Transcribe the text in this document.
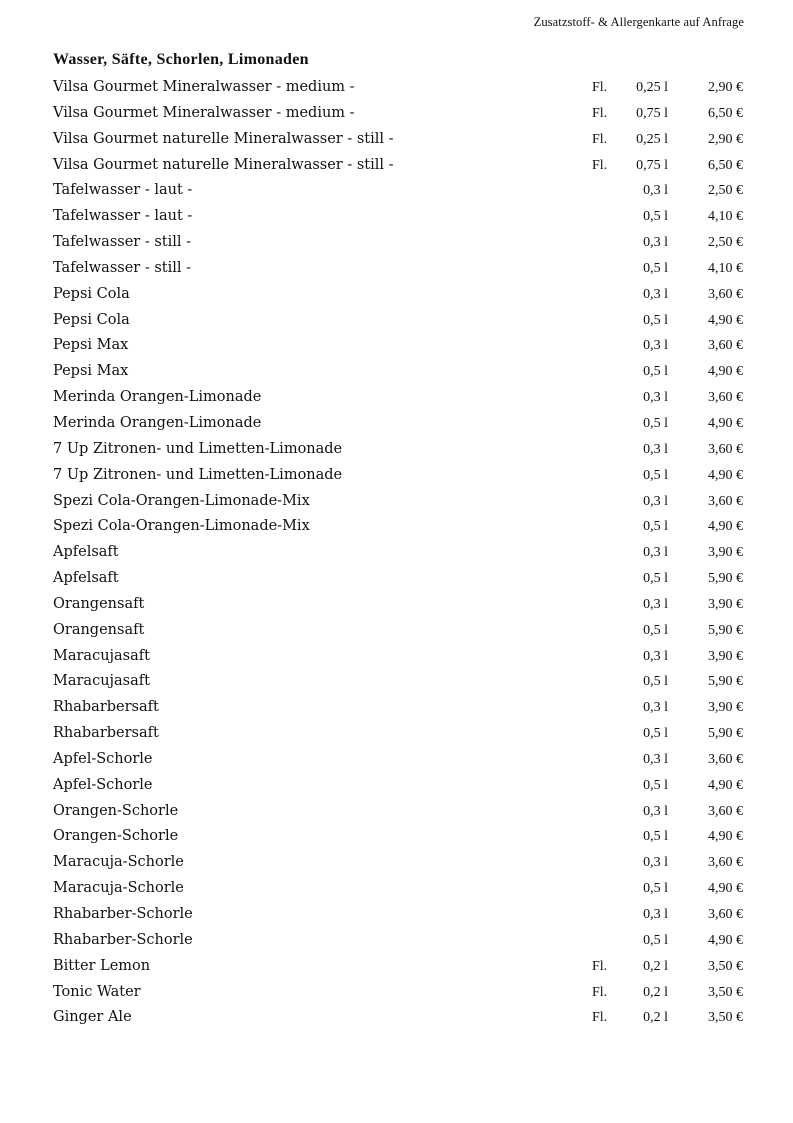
Zusatzstoff- & Allergenkarte auf Anfrage
Wasser, Säfte, Schorlen, Limonaden
Vilsa Gourmet Mineralwasser - medium -	Fl. 0,25 l	2,90 €
Vilsa Gourmet Mineralwasser - medium -	Fl. 0,75 l	6,50 €
Vilsa Gourmet naturelle Mineralwasser - still -	Fl. 0,25 l	2,90 €
Vilsa Gourmet naturelle Mineralwasser - still -	Fl. 0,75 l	6,50 €
Tafelwasser - laut -	0,3 l	2,50 €
Tafelwasser - laut -	0,5 l	4,10 €
Tafelwasser - still -	0,3 l	2,50 €
Tafelwasser - still -	0,5 l	4,10 €
Pepsi Cola	0,3 l	3,60 €
Pepsi Cola	0,5 l	4,90 €
Pepsi Max	0,3 l	3,60 €
Pepsi Max	0,5 l	4,90 €
Merinda Orangen-Limonade	0,3 l	3,60 €
Merinda Orangen-Limonade	0,5 l	4,90 €
7 Up Zitronen- und Limetten-Limonade	0,3 l	3,60 €
7 Up Zitronen- und Limetten-Limonade	0,5 l	4,90 €
Spezi Cola-Orangen-Limonade-Mix	0,3 l	3,60 €
Spezi Cola-Orangen-Limonade-Mix	0,5 l	4,90 €
Apfelsaft	0,3 l	3,90 €
Apfelsaft	0,5 l	5,90 €
Orangensaft	0,3 l	3,90 €
Orangensaft	0,5 l	5,90 €
Maracujasaft	0,3 l	3,90 €
Maracujasaft	0,5 l	5,90 €
Rhabarbersaft	0,3 l	3,90 €
Rhabarbersaft	0,5 l	5,90 €
Apfel-Schorle	0,3 l	3,60 €
Apfel-Schorle	0,5 l	4,90 €
Orangen-Schorle	0,3 l	3,60 €
Orangen-Schorle	0,5 l	4,90 €
Maracuja-Schorle	0,3 l	3,60 €
Maracuja-Schorle	0,5 l	4,90 €
Rhabarber-Schorle	0,3 l	3,60 €
Rhabarber-Schorle	0,5 l	4,90 €
Bitter Lemon	Fl.	0,2 l	3,50 €
Tonic Water	Fl.	0,2 l	3,50 €
Ginger Ale	Fl.	0,2 l	3,50 €
